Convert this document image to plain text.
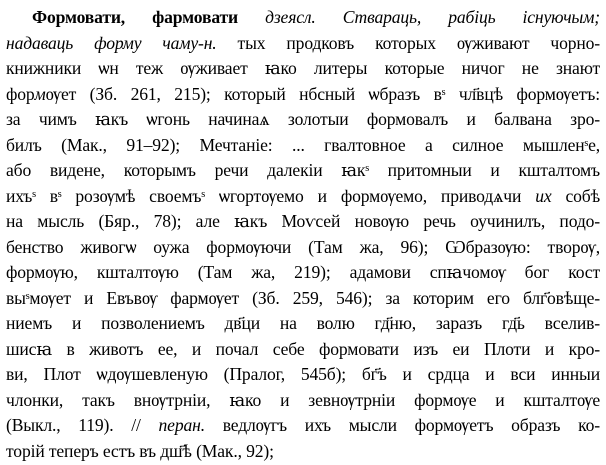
Формовати, фармовати дзеясл. Ствараць, рабіць існуючым;
надаваць форму чаму-н. тых продковъ которых ѹживают чорно-
книжники ѡн теж ѹживает ꙗко литеры которые ничог не знают
формѹет (Зб. 261, 215); который нбсный ѡбразъ вˢ чл҃вцѣ формѹетъ:
за чимъ ꙗкъ ѡгонь начинаѧ золотыи формовалъ и балвана зро-
билъ (Мак., 91–92); Мечтаніе: ... гвалтовное а силное мышленˢе,
або видене, которымъ речи далекіи ꙗкˢ притомныи и кшталтомъ
ихъˢ вˢ розѹмѣ своемъˢ ѡгортѹемо и формѹемо, приводѧчи их собѣ
на мысль (Бяр., 78); але ꙗкъ Моѵсей новѹю речь оучинилъ, подо-
бенство живогѡ оужа формѹючи (Там жа, 96); Ѡбразѹю: творѹ,
формѹю, кшталтѹю (Там жа, 219); адамови спꙗчомѹ бог кост
выˢмѹет и Евъвѹ фармѹет (Зб. 259, 546); за которим его блг҃овѣще-
ниемъ и позволениемъ дв҃ци на волю гд҃ню, заразъ гд҃ь вселив-
шисꙗ в животъ ее, и почал себе формовати изъ еи Плоти и кро-
ви, Плот ѡдѹшевленую (Пралог, 545б); бг҃ъ и срдца и вси инныи
члонки, такъ внѹтрніи, ꙗко и зевнѹтрніи формѹе и кшталтѹе
(Выкл., 119). // перан. ведлѹгъ ихъ мысли формѹетъ образъ ко-
торій теперъ естъ въ дш҃ѣ (Мак., 92);
